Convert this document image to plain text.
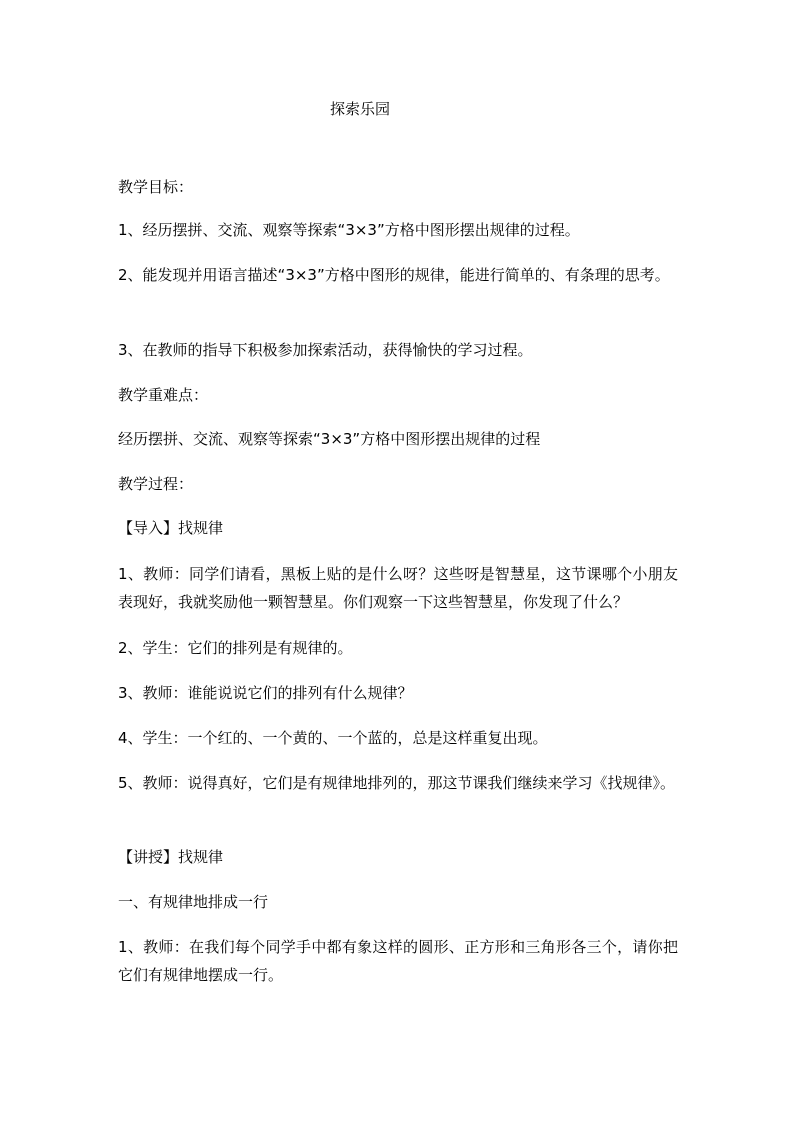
探索乐园
教学目标：
1、经历摆拼、交流、观察等探索“3×3”方格中图形摆出规律的过程。
2、能发现并用语言描述“3×3”方格中图形的规律，能进行简单的、有条理的思考。
3、在教师的指导下积极参加探索活动，获得愉快的学习过程。
教学重难点：
经历摆拼、交流、观察等探索“3×3”方格中图形摆出规律的过程
教学过程：
【导入】找规律
1、教师：同学们请看，黑板上贴的是什么呀？这些呀是智慧星，这节课哪个小朋友表现好，我就奖励他一颗智慧星。你们观察一下这些智慧星，你发现了什么？
2、学生：它们的排列是有规律的。
3、教师：谁能说说它们的排列有什么规律？
4、学生：一个红的、一个黄的、一个蓝的，总是这样重复出现。
5、教师：说得真好，它们是有规律地排列的，那这节课我们继续来学习《找规律》。
【讲授】找规律
一、有规律地排成一行
1、教师：在我们每个同学手中都有象这样的圆形、正方形和三角形各三个，请你把它们有规律地摆成一行。
